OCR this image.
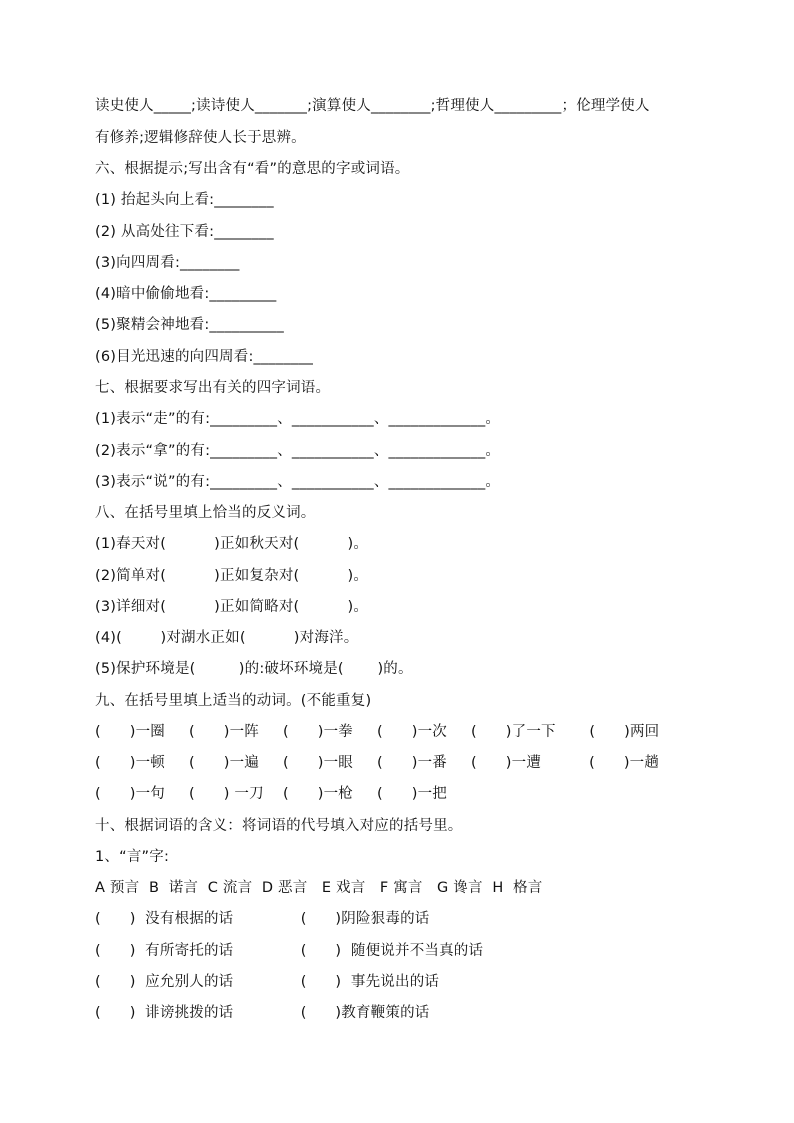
读史使人_____;读诗使人_______;演算使人________;哲理使人_________；伦理学使人
有修养;逻辑修辞使人长于思辨。
六、根据提示;写出含有“看”的意思的字或词语。
(1) 抬起头向上看:________
(2) 从高处往下看:________
(3)向四周看:________
(4)暗中偷偷地看:_________
(5)聚精会神地看:__________
(6)目光迅速的向四周看:________
七、根据要求写出有关的四字词语。
(1)表示“走”的有:_________、___________、_____________。
(2)表示“拿”的有:_________、___________、_____________。
(3)表示“说”的有:_________、___________、_____________。
八、在括号里填上恰当的反义词。
(1)春天对(          )正如秋天对(          )。
(2)简单对(          )正如复杂对(          )。
(3)详细对(          )正如简略对(          )。
(4)(        )对湖水正如(          )对海洋。
(5)保护环境是(         )的:破坏环境是(       )的。
九、在括号里填上适当的动词。(不能重复)
(      )一圈     (      )一阵     (      )一拳     (      )一次     (      )了一下       (      )两回
(      )一顿     (      )一遍     (      )一眼     (      )一番     (      )一遭          (      )一趟
(      )一句     (      ) 一刀    (      )一枪     (      )一把
十、根据词语的含义：将词语的代号填入对应的括号里。
1、“言”字:
A 预言  B  诺言  C 流言  D 恶言   E 戏言   F 寓言   G 谗言  H  格言
(      )  没有根据的话              (      )阴险狠毒的话
(      )  有所寄托的话              (      )  随便说并不当真的话
(      )  应允别人的话              (      )  事先说出的话
(      )  诽谤挑拨的话              (      )教育鞭策的话
